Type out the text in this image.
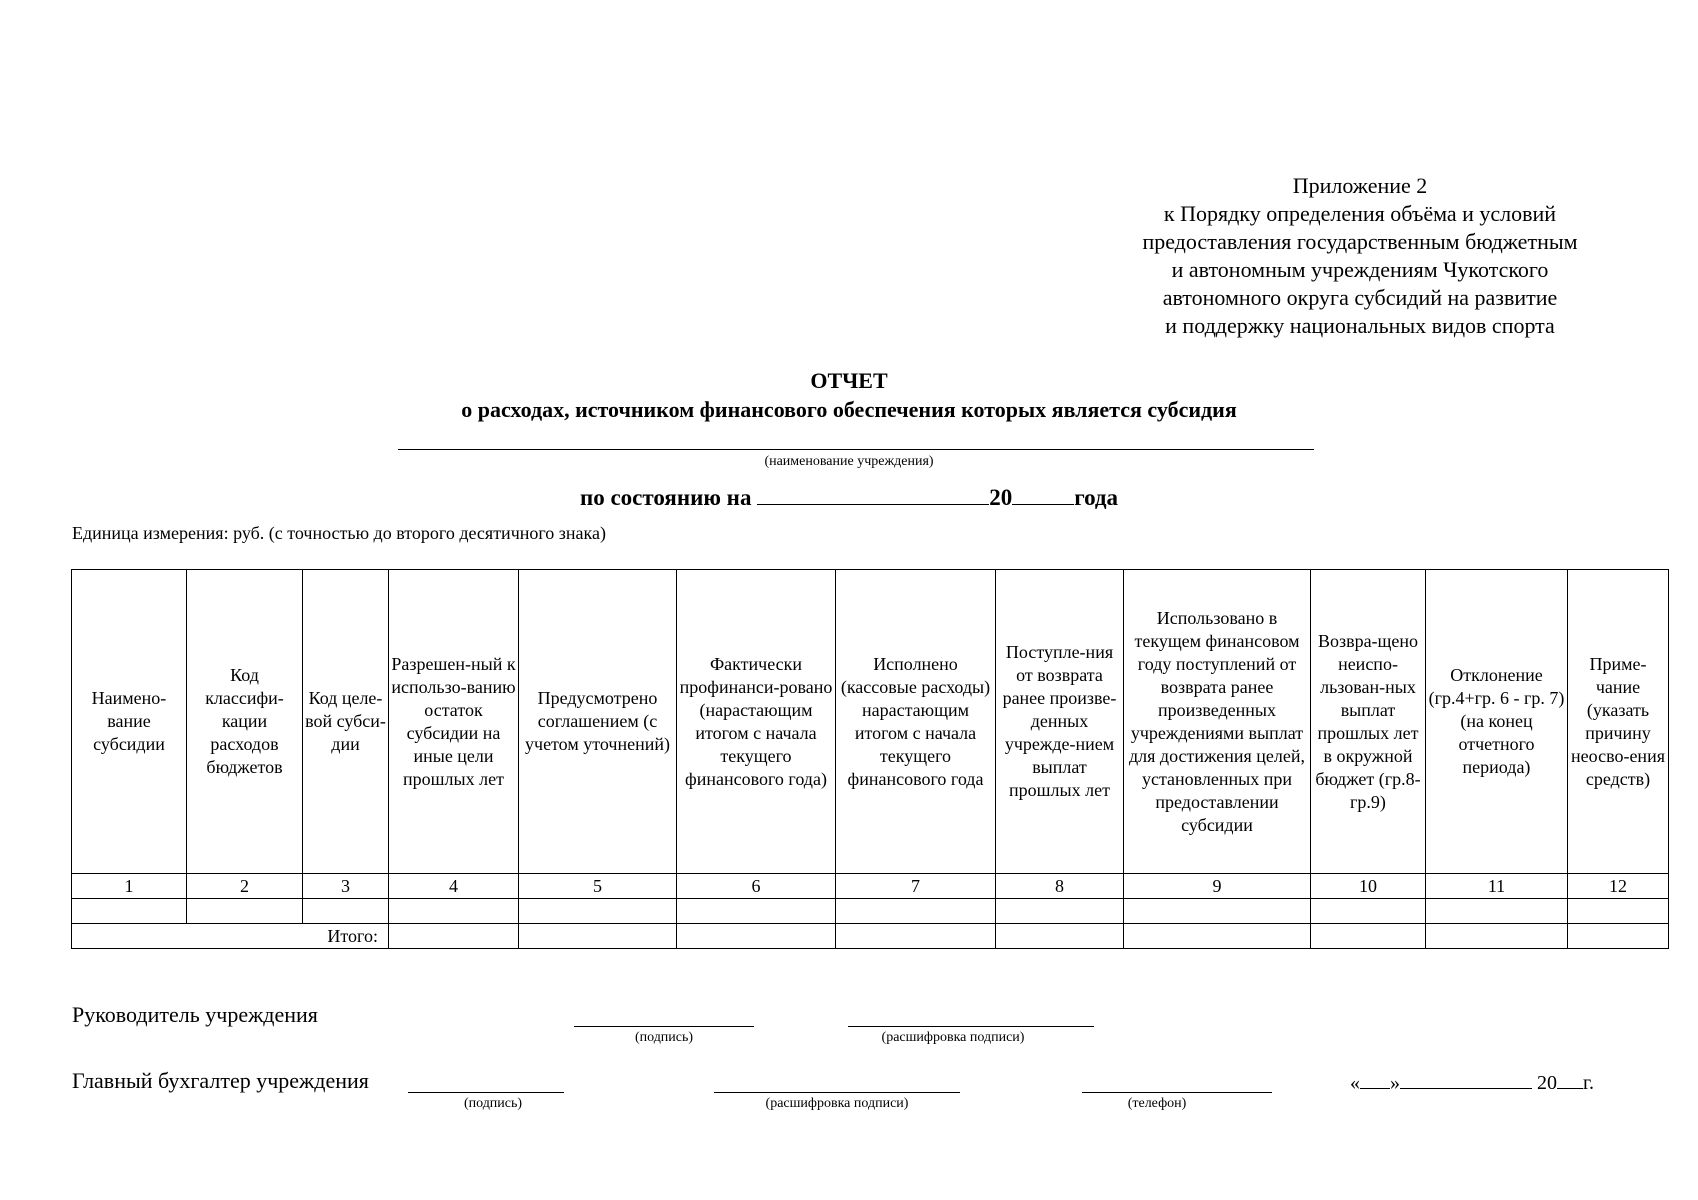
Приложение 2
к Порядку определения объёма и условий
предоставления государственным бюджетным
и автономным учреждениям Чукотского
автономного округа субсидий на развитие
и поддержку национальных видов спорта
ОТЧЕТ
о расходах, источником финансового обеспечения которых является субсидия
(наименование учреждения)
по состоянию на	20	года
Единица измерения: руб. (с точностью до второго десятичного знака)
Наимено-вание субсидии	Код классифи-кации расходов бюджетов	Код целе-вой субси-дии	Разрешен-ный к использо-ванию остаток субсидии на иные цели прошлых лет	Предусмотрено соглашением (с учетом уточнений)	Фактически профинанси-ровано (нарастающим итогом с начала текущего финансового года)	Исполнено (кассовые расходы) нарастающим итогом с начала текущего финансового года	Поступле-ния от возврата ранее произве-денных учрежде-нием выплат прошлых лет	Использовано в текущем финансовом году поступлений от возврата ранее произведенных учреждениями выплат для достижения целей, установленных при предоставлении субсидии	Возвра-щено неиспо-льзован-ных выплат прошлых лет в окружной бюджет (гр.8-гр.9)	Отклонение (гр.4+гр. 6 - гр. 7) (на конец отчетного периода)	Приме-чание (указать причину неосво-ения средств)
1	2	3	4	5	6	7	8	9	10	11	12

Итого:											
Руководитель учреждения
(подпись)	(расшифровка подписи)
Главный бухгалтер учреждения
(подпись)	(расшифровка подписи)	(телефон)
« »	20 г.
